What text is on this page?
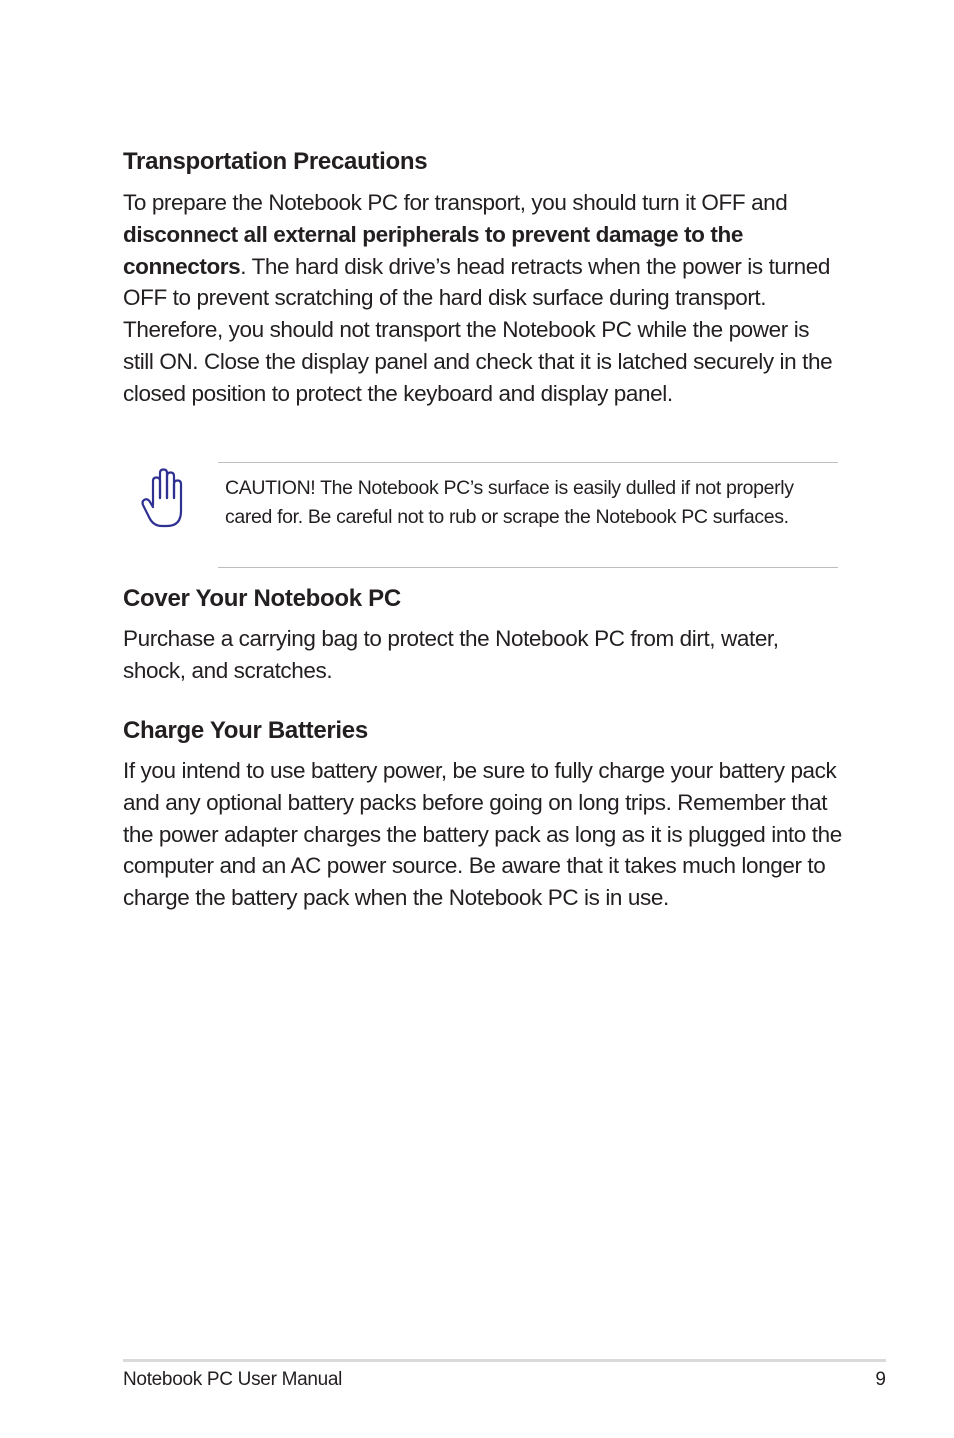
Transportation Precautions

To prepare the Notebook PC for transport, you should turn it OFF and disconnect all external peripherals to prevent damage to the connectors. The hard disk drive’s head retracts when the power is turned OFF to prevent scratching of the hard disk surface during transport. Therefore, you should not transport the Notebook PC while the power is still ON. Close the display panel and check that it is latched securely in the closed position to protect the keyboard and display panel.

CAUTION! The Notebook PC’s surface is easily dulled if not properly cared for. Be careful not to rub or scrape the Notebook PC surfaces.

Cover Your Notebook PC

Purchase a carrying bag to protect the Notebook PC from dirt, water, shock, and scratches.

Charge Your Batteries

If you intend to use battery power, be sure to fully charge your battery pack and any optional battery packs before going on long trips. Remember that the power adapter charges the battery pack as long as it is plugged into the computer and an AC power source. Be aware that it takes much longer to charge the battery pack when the Notebook PC is in use.

Notebook PC User Manual	9
